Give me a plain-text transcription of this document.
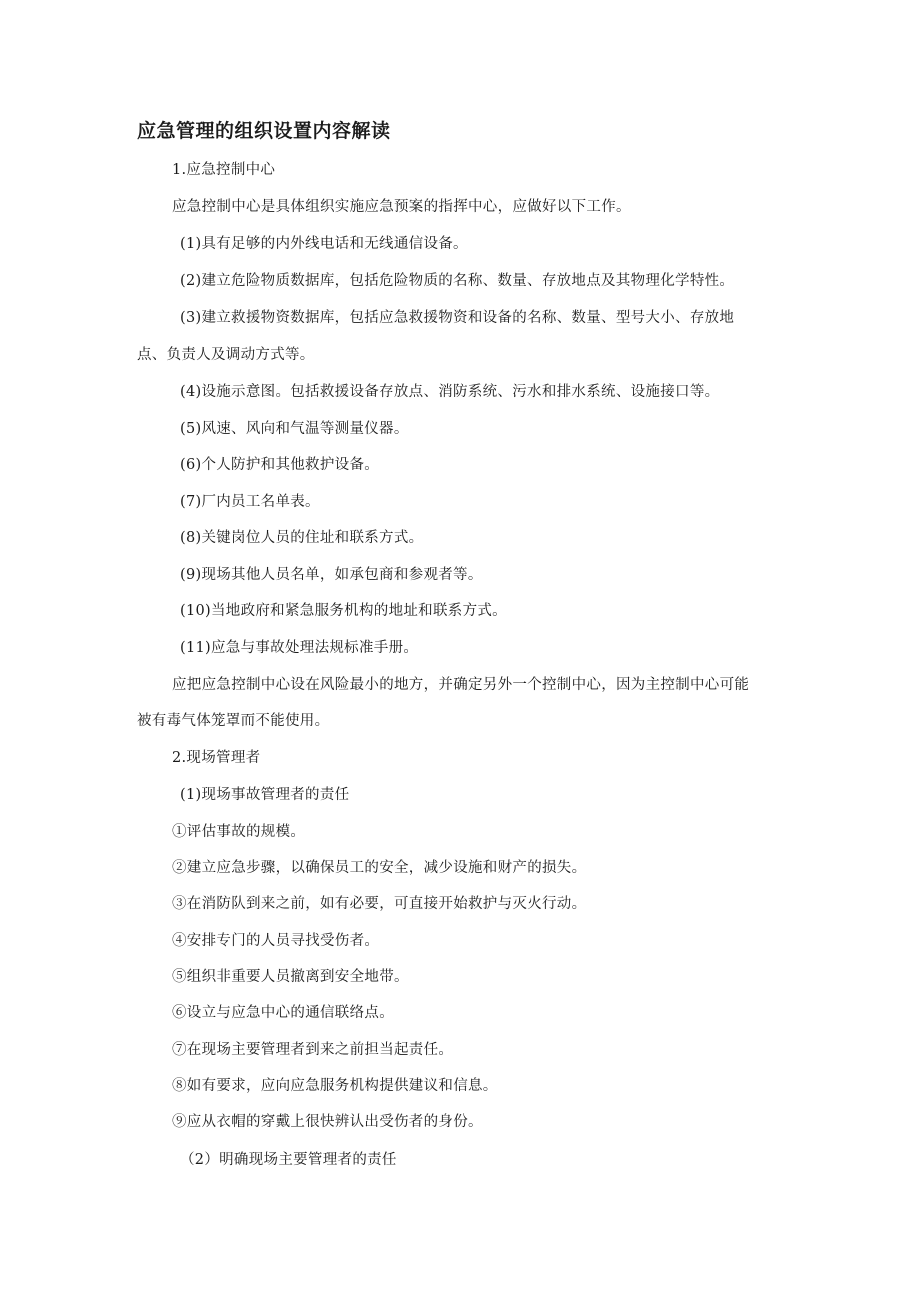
应急管理的组织设置内容解读
1.应急控制中心
应急控制中心是具体组织实施应急预案的指挥中心，应做好以下工作。
(1)具有足够的内外线电话和无线通信设备。
(2)建立危险物质数据库，包括危险物质的名称、数量、存放地点及其物理化学特性。
(3)建立救援物资数据库，包括应急救援物资和设备的名称、数量、型号大小、存放地
点、负责人及调动方式等。
(4)设施示意图。包括救援设备存放点、消防系统、污水和排水系统、设施接口等。
(5)风速、风向和气温等测量仪器。
(6)个人防护和其他救护设备。
(7)厂内员工名单表。
(8)关键岗位人员的住址和联系方式。
(9)现场其他人员名单，如承包商和参观者等。
(10)当地政府和紧急服务机构的地址和联系方式。
(11)应急与事故处理法规标准手册。
应把应急控制中心设在风险最小的地方，并确定另外一个控制中心，因为主控制中心可能
被有毒气体笼罩而不能使用。
2.现场管理者
(1)现场事故管理者的责任
①评估事故的规模。
②建立应急步骤，以确保员工的安全，减少设施和财产的损失。
③在消防队到来之前，如有必要，可直接开始救护与灭火行动。
④安排专门的人员寻找受伤者。
⑤组织非重要人员撤离到安全地带。
⑥设立与应急中心的通信联络点。
⑦在现场主要管理者到来之前担当起责任。
⑧如有要求，应向应急服务机构提供建议和信息。
⑨应从衣帽的穿戴上很快辨认出受伤者的身份。
（2）明确现场主要管理者的责任
